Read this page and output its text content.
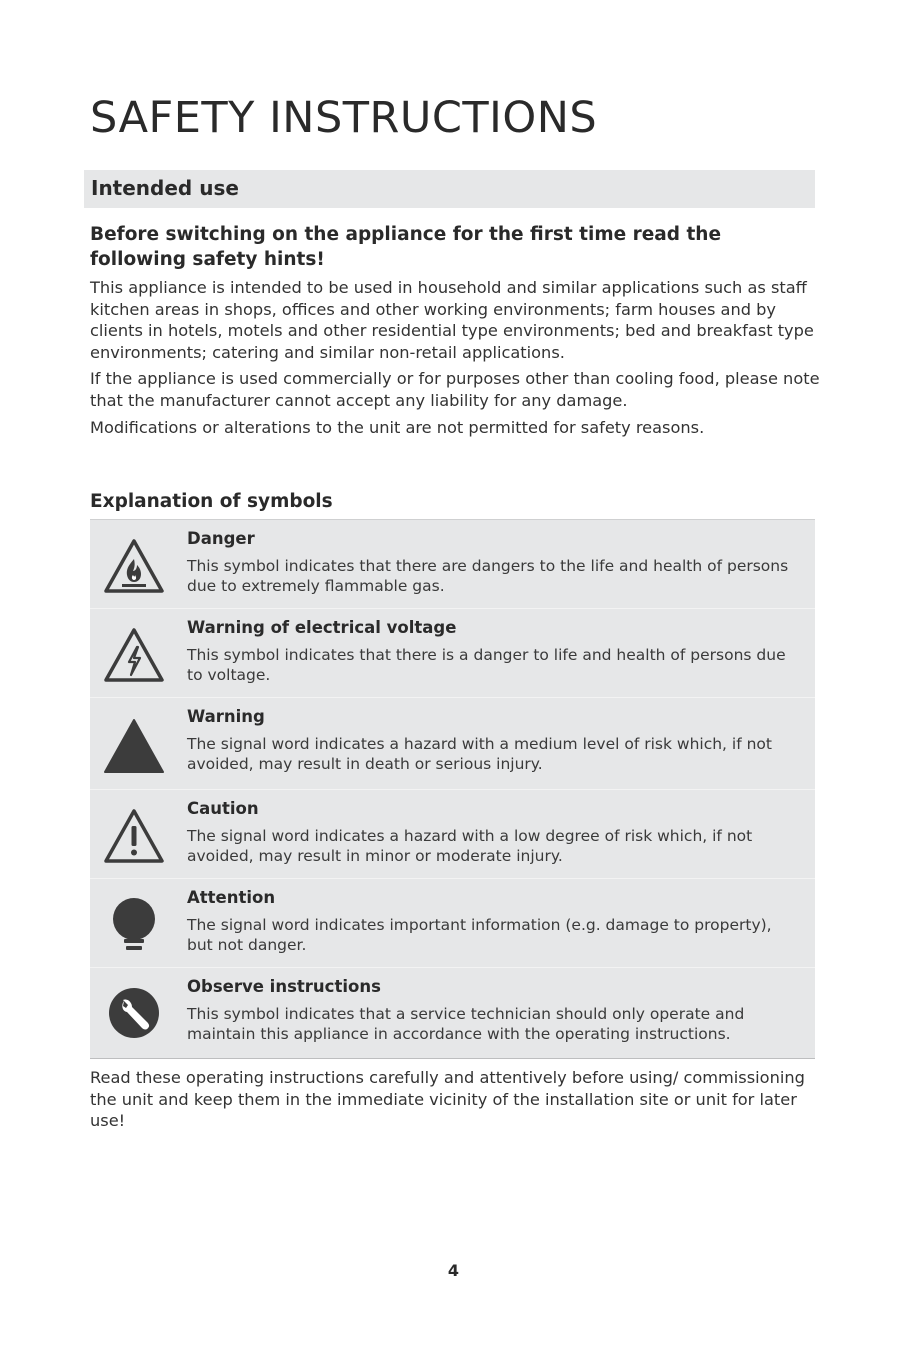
SAFETY INSTRUCTIONS
Intended use

Before switching on the appliance for the first time read the following safety hints!

This appliance is intended to be used in household and similar applications such as staff kitchen areas in shops, offices and other working environments; farm houses and by clients in hotels, motels and other residential type environments; bed and breakfast type environments; catering and similar non-retail applications.

If the appliance is used commercially or for purposes other than cooling food, please note that the manufacturer cannot accept any liability for any damage.

Modifications or alterations to the unit are not permitted for safety reasons.

Explanation of symbols
Danger
This symbol indicates that there are dangers to the life and health of persons due to extremely flammable gas.
Warning of electrical voltage
This symbol indicates that there is a danger to life and health of persons due to voltage.
Warning
The signal word indicates a hazard with a medium level of risk which, if not avoided, may result in death or serious injury.
Caution
The signal word indicates a hazard with a low degree of risk which, if not avoided, may result in minor or moderate injury.
Attention
The signal word indicates important information (e.g. damage to property), but not danger.
Observe instructions
This symbol indicates that a service technician should only operate and maintain this appliance in accordance with the operating instructions.

Read these operating instructions carefully and attentively before using/ commissioning the unit and keep them in the immediate vicinity of the installation site or unit for later use!

4
